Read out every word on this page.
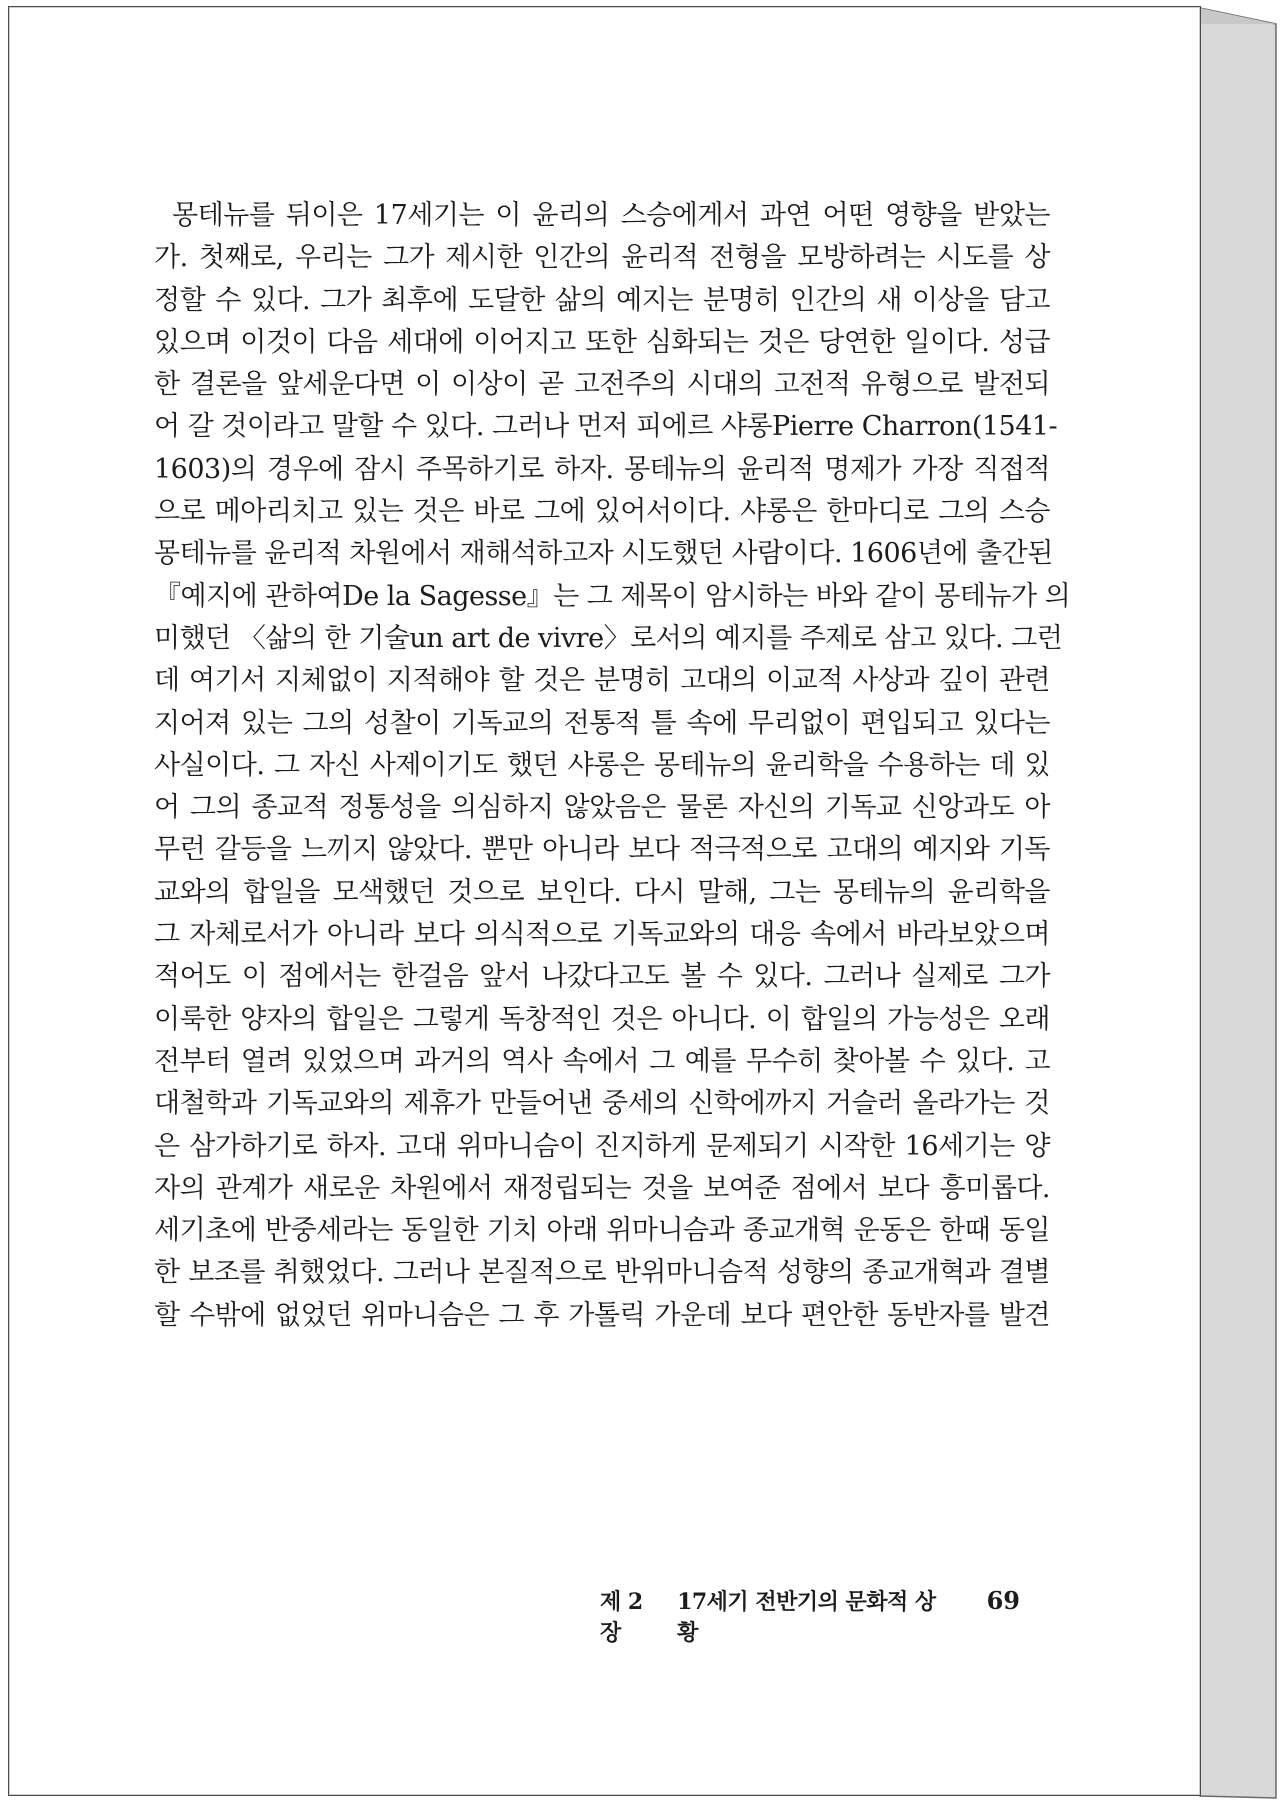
몽테뉴를 뒤이은 17세기는 이 윤리의 스승에게서 과연 어떤 영향을 받았는
가. 첫째로, 우리는 그가 제시한 인간의 윤리적 전형을 모방하려는 시도를 상
정할 수 있다. 그가 최후에 도달한 삶의 예지는 분명히 인간의 새 이상을 담고
있으며 이것이 다음 세대에 이어지고 또한 심화되는 것은 당연한 일이다. 성급
한 결론을 앞세운다면 이 이상이 곧 고전주의 시대의 고전적 유형으로 발전되
어 갈 것이라고 말할 수 있다. 그러나 먼저 피에르 샤롱Pierre Charron(1541-
1603)의 경우에 잠시 주목하기로 하자. 몽테뉴의 윤리적 명제가 가장 직접적
으로 메아리치고 있는 것은 바로 그에 있어서이다. 샤롱은 한마디로 그의 스승
몽테뉴를 윤리적 차원에서 재해석하고자 시도했던 사람이다. 1606년에 출간된
『예지에 관하여De la Sagesse』는 그 제목이 암시하는 바와 같이 몽테뉴가 의
미했던 〈삶의 한 기술un art de vivre〉로서의 예지를 주제로 삼고 있다. 그런
데 여기서 지체없이 지적해야 할 것은 분명히 고대의 이교적 사상과 깊이 관련
지어져 있는 그의 성찰이 기독교의 전통적 틀 속에 무리없이 편입되고 있다는
사실이다. 그 자신 사제이기도 했던 샤롱은 몽테뉴의 윤리학을 수용하는 데 있
어 그의 종교적 정통성을 의심하지 않았음은 물론 자신의 기독교 신앙과도 아
무런 갈등을 느끼지 않았다. 뿐만 아니라 보다 적극적으로 고대의 예지와 기독
교와의 합일을 모색했던 것으로 보인다. 다시 말해, 그는 몽테뉴의 윤리학을
그 자체로서가 아니라 보다 의식적으로 기독교와의 대응 속에서 바라보았으며
적어도 이 점에서는 한걸음 앞서 나갔다고도 볼 수 있다. 그러나 실제로 그가
이룩한 양자의 합일은 그렇게 독창적인 것은 아니다. 이 합일의 가능성은 오래
전부터 열려 있었으며 과거의 역사 속에서 그 예를 무수히 찾아볼 수 있다. 고
대철학과 기독교와의 제휴가 만들어낸 중세의 신학에까지 거슬러 올라가는 것
은 삼가하기로 하자. 고대 위마니슴이 진지하게 문제되기 시작한 16세기는 양
자의 관계가 새로운 차원에서 재정립되는 것을 보여준 점에서 보다 흥미롭다.
세기초에 반중세라는 동일한 기치 아래 위마니슴과 종교개혁 운동은 한때 동일
한 보조를 취했었다. 그러나 본질적으로 반위마니슴적 성향의 종교개혁과 결별
할 수밖에 없었던 위마니슴은 그 후 가톨릭 가운데 보다 편안한 동반자를 발견
제 2장
17세기 전반기의 문화적 상황
69
